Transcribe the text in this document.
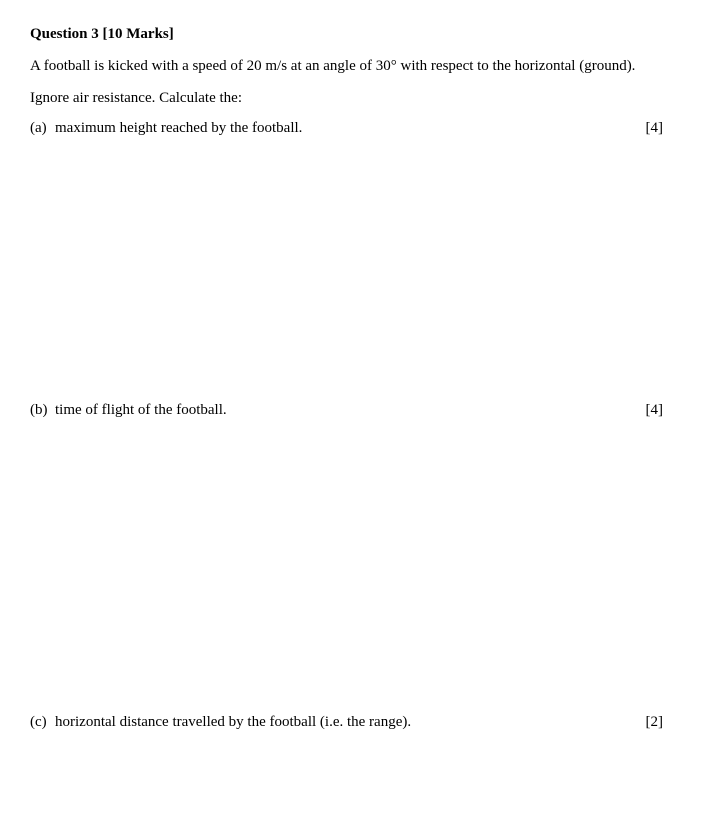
Question 3 [10 Marks]
A football is kicked with a speed of 20 m/s at an angle of 30° with respect to the horizontal (ground).
Ignore air resistance. Calculate the:
(a) maximum height reached by the football.	[4]
(b) time of flight of the football.	[4]
(c) horizontal distance travelled by the football (i.e. the range).	[2]
